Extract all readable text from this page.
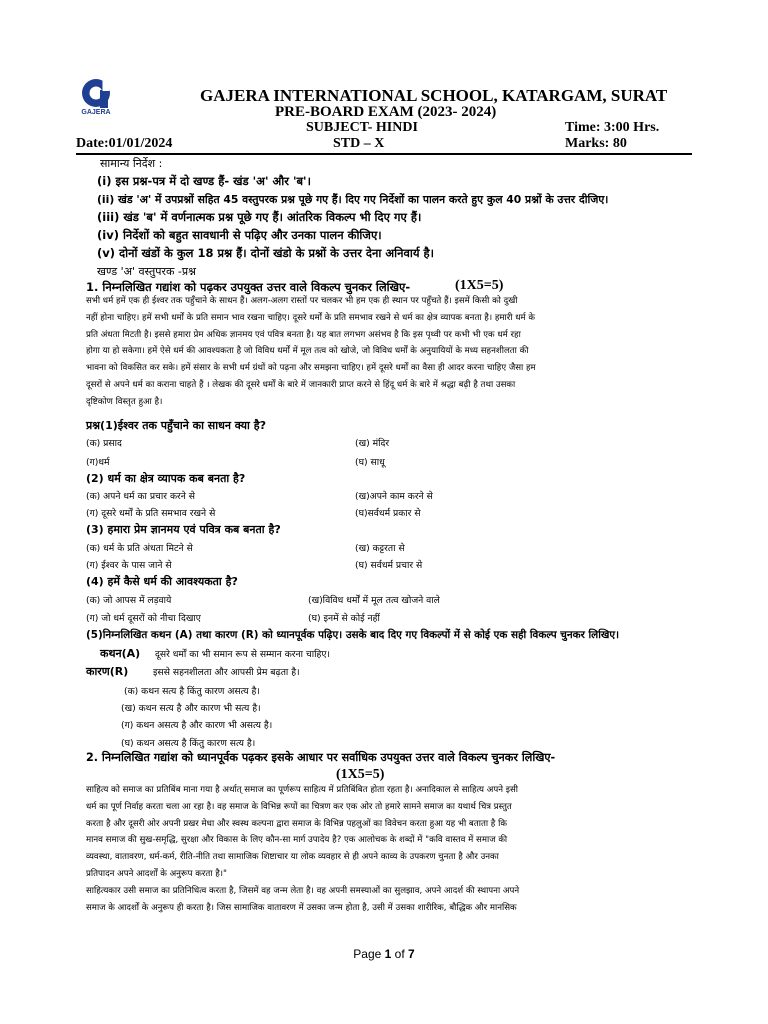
GAJERA
GAJERA INTERNATIONAL SCHOOL, KATARGAM, SURAT
PRE-BOARD EXAM (2023- 2024)
SUBJECT- HINDI	Time: 3:00 Hrs.
Date:01/01/2024	STD – X	Marks: 80
सामान्य निर्देश :
(i) इस प्रश्न-पत्र में दो खण्ड हैं- खंड 'अ' और 'ब'।
(ii) खंड 'अ' में उपप्रश्नों सहित 45 वस्तुपरक प्रश्न पूछे गए हैं। दिए गए निर्देशों का पालन करते हुए कुल 40 प्रश्नों के उत्तर दीजिए।
(iii) खंड 'ब' में वर्णनात्मक प्रश्न पूछे गए हैं। आंतरिक विकल्प भी दिए गए हैं।
(iv) निर्देशों को बहुत सावधानी से पढ़िए और उनका पालन कीजिए।
(v) दोनों खंडों के कुल 18 प्रश्न हैं। दोनों खंडो के प्रश्नों के उत्तर देना अनिवार्य है।
खण्ड 'अ' वस्तुपरक -प्रश्न
1. निम्नलिखित गद्यांश को पढ़कर उपयुक्त उत्तर वाले विकल्प चुनकर लिखिए-	(1X5=5)
सभी धर्म हमें एक ही ईश्वर तक पहुँचाने के साधन हैं। अलग-अलग रास्तों पर चलकर भी हम एक ही स्थान पर पहुँचते हैं। इसमें किसी को दुखी
नहीं होना चाहिए। हमें सभी धर्मों के प्रति समान भाव रखना चाहिए। दूसरे धर्मों के प्रति समभाव रखने से धर्म का क्षेत्र व्यापक बनता है। हमारी धर्म के
प्रति अंधता मिटती है। इससे हमारा प्रेम अधिक ज्ञानमय एवं पवित्र बनता है। यह बात लगभग असंभव है कि इस पृथ्वी पर कभी भी एक धर्म रहा
होगा या हो सकेगा। हमें ऐसे धर्म की आवश्यकता है जो विविध धर्मों में मूल तत्व को खोजे, जो विविध धर्मों के अनुयायियों के मध्य सहनशीलता की
भावना को विकसित कर सके। हमें संसार के सभी धर्म ग्रंथों को पढ़ना और समझना चाहिए। हमें दूसरे धर्मों का वैसा ही आदर करना चाहिए जैसा हम
दूसरों से अपने धर्म का कराना चाहते हैं । लेखक की दूसरे धर्मों के बारे में जानकारी प्राप्त करने से हिंदू धर्म के बारे में श्रद्धा बढ़ी है तथा उसका
दृष्टिकोण विस्तृत हुआ है।
प्रश्न(1)ईश्वर तक पहुँचाने का साधन क्या है?
(क) प्रसाद	(ख) मंदिर
(ग)धर्म	(घ) साधू
(2) धर्म का क्षेत्र व्यापक कब बनता है?
(क) अपने धर्म का प्रचार करने से	(ख)अपने काम करने से
(ग) दूसरे धर्मों के प्रति समभाव रखने से	(घ)सर्वधर्म प्रकार से
(3) हमारा प्रेम ज्ञानमय एवं पवित्र कब बनता है?
(क) धर्म के प्रति अंधता मिटने से	(ख) कट्टरता से
(ग) ईश्वर के पास जाने से	(घ) सर्वधर्म प्रचार से
(4) हमें कैसे धर्म की आवश्यकता है?
(क) जो आपस में लड़वाये	(ख)विविध धर्मों में मूल तत्व खोजने वाले
(ग) जो धर्म दूसरों को नीचा दिखाए	(घ) इनमें से कोई नहीं
(5)निम्नलिखित कथन (A) तथा कारण (R) को ध्यानपूर्वक पढ़िए। उसके बाद दिए गए विकल्पों में से कोई एक सही विकल्प चुनकर लिखिए।
कथन(A) दूसरे धर्मों का भी समान रूप से सम्मान करना चाहिए।
कारण(R)	इससे सहनशीलता और आपसी प्रेम बढ़ता है।
(क) कथन सत्य है किंतु कारण असत्य है।
(ख) कथन सत्य है और कारण भी सत्य है।
(ग) कथन असत्य है और कारण भी असत्य है।
(घ) कथन असत्य है किंतु कारण सत्य है।
2. निम्नलिखित गद्यांश को ध्यानपूर्वक पढ़कर इसके आधार पर सर्वाधिक उपयुक्त उत्तर वाले विकल्प चुनकर लिखिए-
(1X5=5)
साहित्य को समाज का प्रतिबिंब माना गया है अर्थात् समाज का पूर्णरूप साहित्य में प्रतिबिंबित होता रहता है। अनादिकाल से साहित्य अपने इसी
धर्म का पूर्ण निर्वाह करता चला आ रहा है। वह समाज के विभिन्न रूपों का चित्रण कर एक ओर तो हमारे सामने समाज का यथार्थ चित्र प्रस्तुत
करता है और दूसरी ओर अपनी प्रखर मेधा और स्वस्थ कल्पना द्वारा समाज के विभिन्न पहलुओं का विवेचन करता हुआ यह भी बताता है कि
मानव समाज की सुख-समृद्धि, सुरक्षा और विकास के लिए कौन-सा मार्ग उपादेय है? एक आलोचक के शब्दों में "कवि वास्तव में समाज की
व्यवस्था, वातावरण, धर्म-कर्म, रीति-नीति तथा सामाजिक शिष्टाचार या लोक व्यवहार से ही अपने काव्य के उपकरण चुनता है और उनका
प्रतिपादन अपने आदर्शों के अनुरूप करता है।"
साहित्यकार उसी समाज का प्रतिनिधित्व करता है, जिसमें वह जन्म लेता है। वह अपनी समस्याओं का सुलझाव, अपने आदर्श की स्थापना अपने
समाज के आदर्शों के अनुरूप ही करता है। जिस सामाजिक वातावरण में उसका जन्म होता है, उसी में उसका शारीरिक, बौद्धिक और मानसिक
Page 1 of 7
